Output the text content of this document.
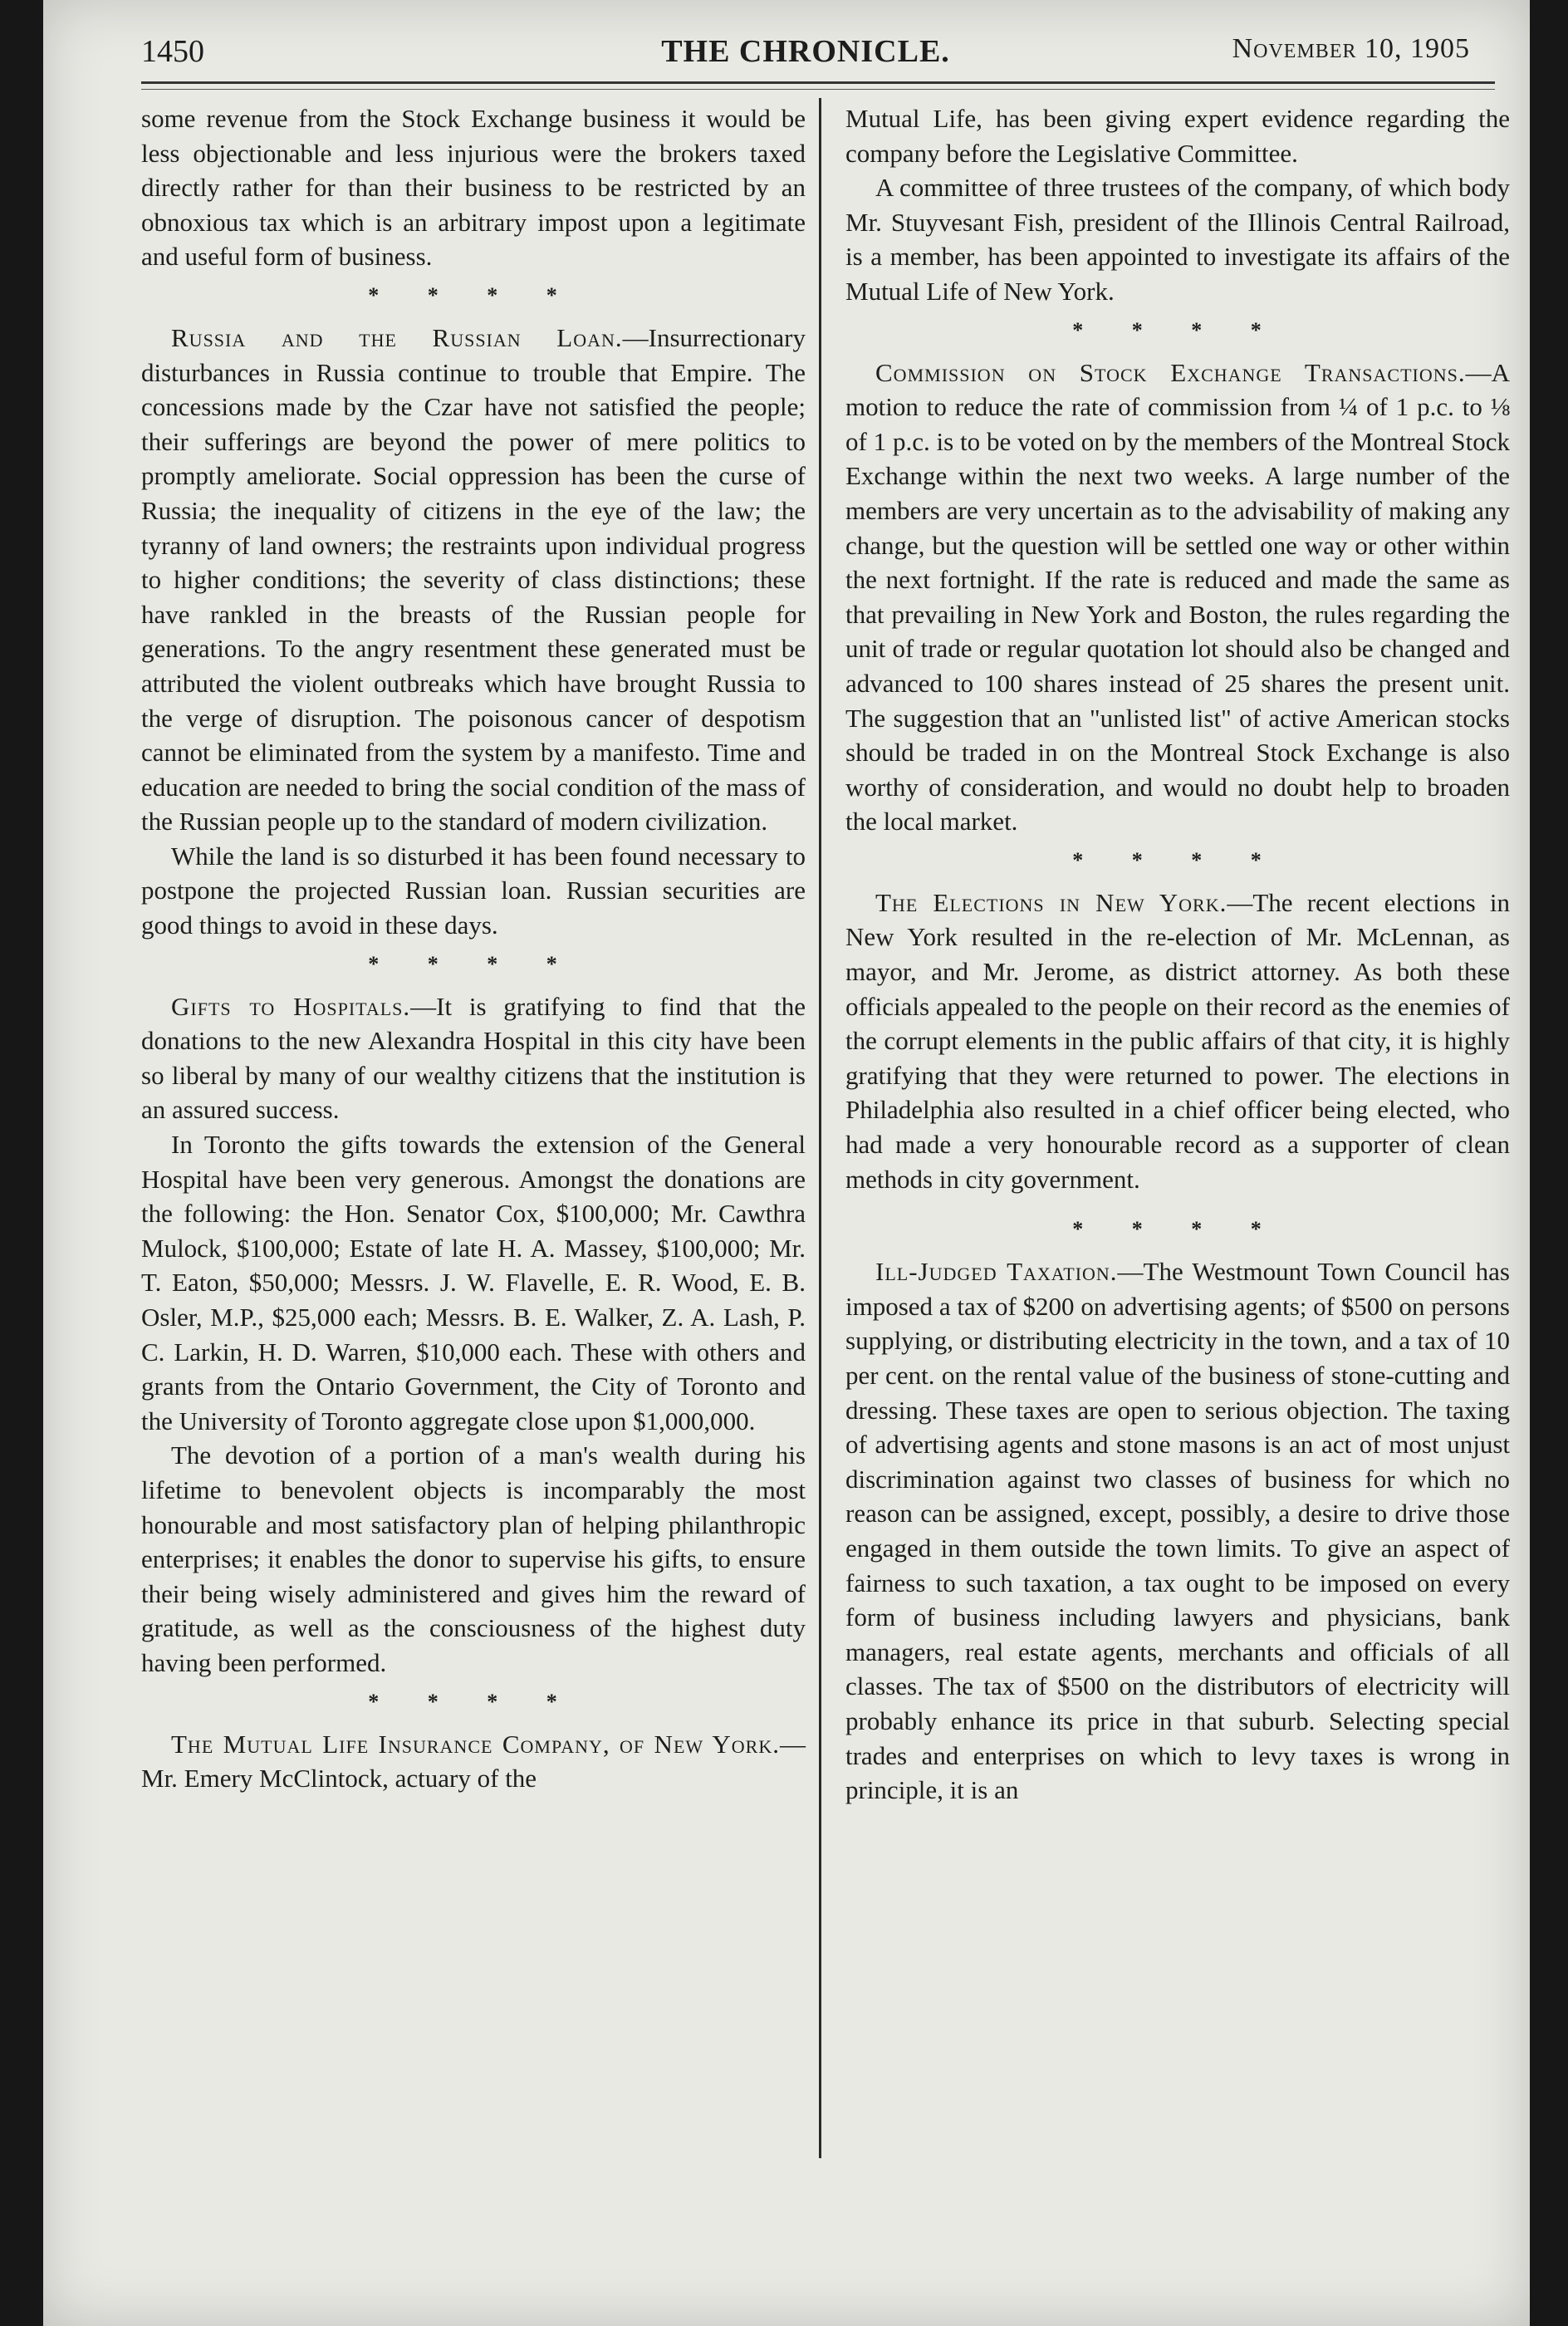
1450	THE CHRONICLE.	November 10, 1905

some revenue from the Stock Exchange business it would be less objectionable and less injurious were the brokers taxed directly rather for than their business to be restricted by an obnoxious tax which is an arbitrary impost upon a legitimate and useful form of business.

* * * *

Russia and the Russian Loan.—Insurrectionary disturbances in Russia continue to trouble that Empire. The concessions made by the Czar have not satisfied the people; their sufferings are beyond the power of mere politics to promptly ameliorate. Social oppression has been the curse of Russia; the inequality of citizens in the eye of the law; the tyranny of land owners; the restraints upon individual progress to higher conditions; the severity of class distinctions; these have rankled in the breasts of the Russian people for generations. To the angry resentment these generated must be attributed the violent outbreaks which have brought Russia to the verge of disruption. The poisonous cancer of despotism cannot be eliminated from the system by a manifesto. Time and education are needed to bring the social condition of the mass of the Russian people up to the standard of modern civilization.

While the land is so disturbed it has been found necessary to postpone the projected Russian loan. Russian securities are good things to avoid in these days.

* * * *

Gifts to Hospitals.—It is gratifying to find that the donations to the new Alexandra Hospital in this city have been so liberal by many of our wealthy citizens that the institution is an assured success.

In Toronto the gifts towards the extension of the General Hospital have been very generous. Amongst the donations are the following: the Hon. Senator Cox, $100,000; Mr. Cawthra Mulock, $100,000; Estate of late H. A. Massey, $100,000; Mr. T. Eaton, $50,000; Messrs. J. W. Flavelle, E. R. Wood, E. B. Osler, M.P., $25,000 each; Messrs. B. E. Walker, Z. A. Lash, P. C. Larkin, H. D. Warren, $10,000 each. These with others and grants from the Ontario Government, the City of Toronto and the University of Toronto aggregate close upon $1,000,000.

The devotion of a portion of a man's wealth during his lifetime to benevolent objects is incomparably the most honourable and most satisfactory plan of helping philanthropic enterprises; it enables the donor to supervise his gifts, to ensure their being wisely administered and gives him the reward of gratitude, as well as the consciousness of the highest duty having been performed.

* * * *

The Mutual Life Insurance Company, of New York.—Mr. Emery McClintock, actuary of the

Mutual Life, has been giving expert evidence regarding the company before the Legislative Committee.

A committee of three trustees of the company, of which body Mr. Stuyvesant Fish, president of the Illinois Central Railroad, is a member, has been appointed to investigate its affairs of the Mutual Life of New York.

* * * *

Commission on Stock Exchange Transactions.—A motion to reduce the rate of commission from ¼ of 1 p.c. to ⅛ of 1 p.c. is to be voted on by the members of the Montreal Stock Exchange within the next two weeks. A large number of the members are very uncertain as to the advisability of making any change, but the question will be settled one way or other within the next fortnight. If the rate is reduced and made the same as that prevailing in New York and Boston, the rules regarding the unit of trade or regular quotation lot should also be changed and advanced to 100 shares instead of 25 shares the present unit. The suggestion that an "unlisted list" of active American stocks should be traded in on the Montreal Stock Exchange is also worthy of consideration, and would no doubt help to broaden the local market.

* * * *

The Elections in New York.—The recent elections in New York resulted in the re-election of Mr. McLennan, as mayor, and Mr. Jerome, as district attorney. As both these officials appealed to the people on their record as the enemies of the corrupt elements in the public affairs of that city, it is highly gratifying that they were returned to power. The elections in Philadelphia also resulted in a chief officer being elected, who had made a very honourable record as a supporter of clean methods in city government.

* * * *

Ill-Judged Taxation.—The Westmount Town Council has imposed a tax of $200 on advertising agents; of $500 on persons supplying, or distributing electricity in the town, and a tax of 10 per cent. on the rental value of the business of stone-cutting and dressing. These taxes are open to serious objection. The taxing of advertising agents and stone masons is an act of most unjust discrimination against two classes of business for which no reason can be assigned, except, possibly, a desire to drive those engaged in them outside the town limits. To give an aspect of fairness to such taxation, a tax ought to be imposed on every form of business including lawyers and physicians, bank managers, real estate agents, merchants and officials of all classes. The tax of $500 on the distributors of electricity will probably enhance its price in that suburb. Selecting special trades and enterprises on which to levy taxes is wrong in principle, it is an
